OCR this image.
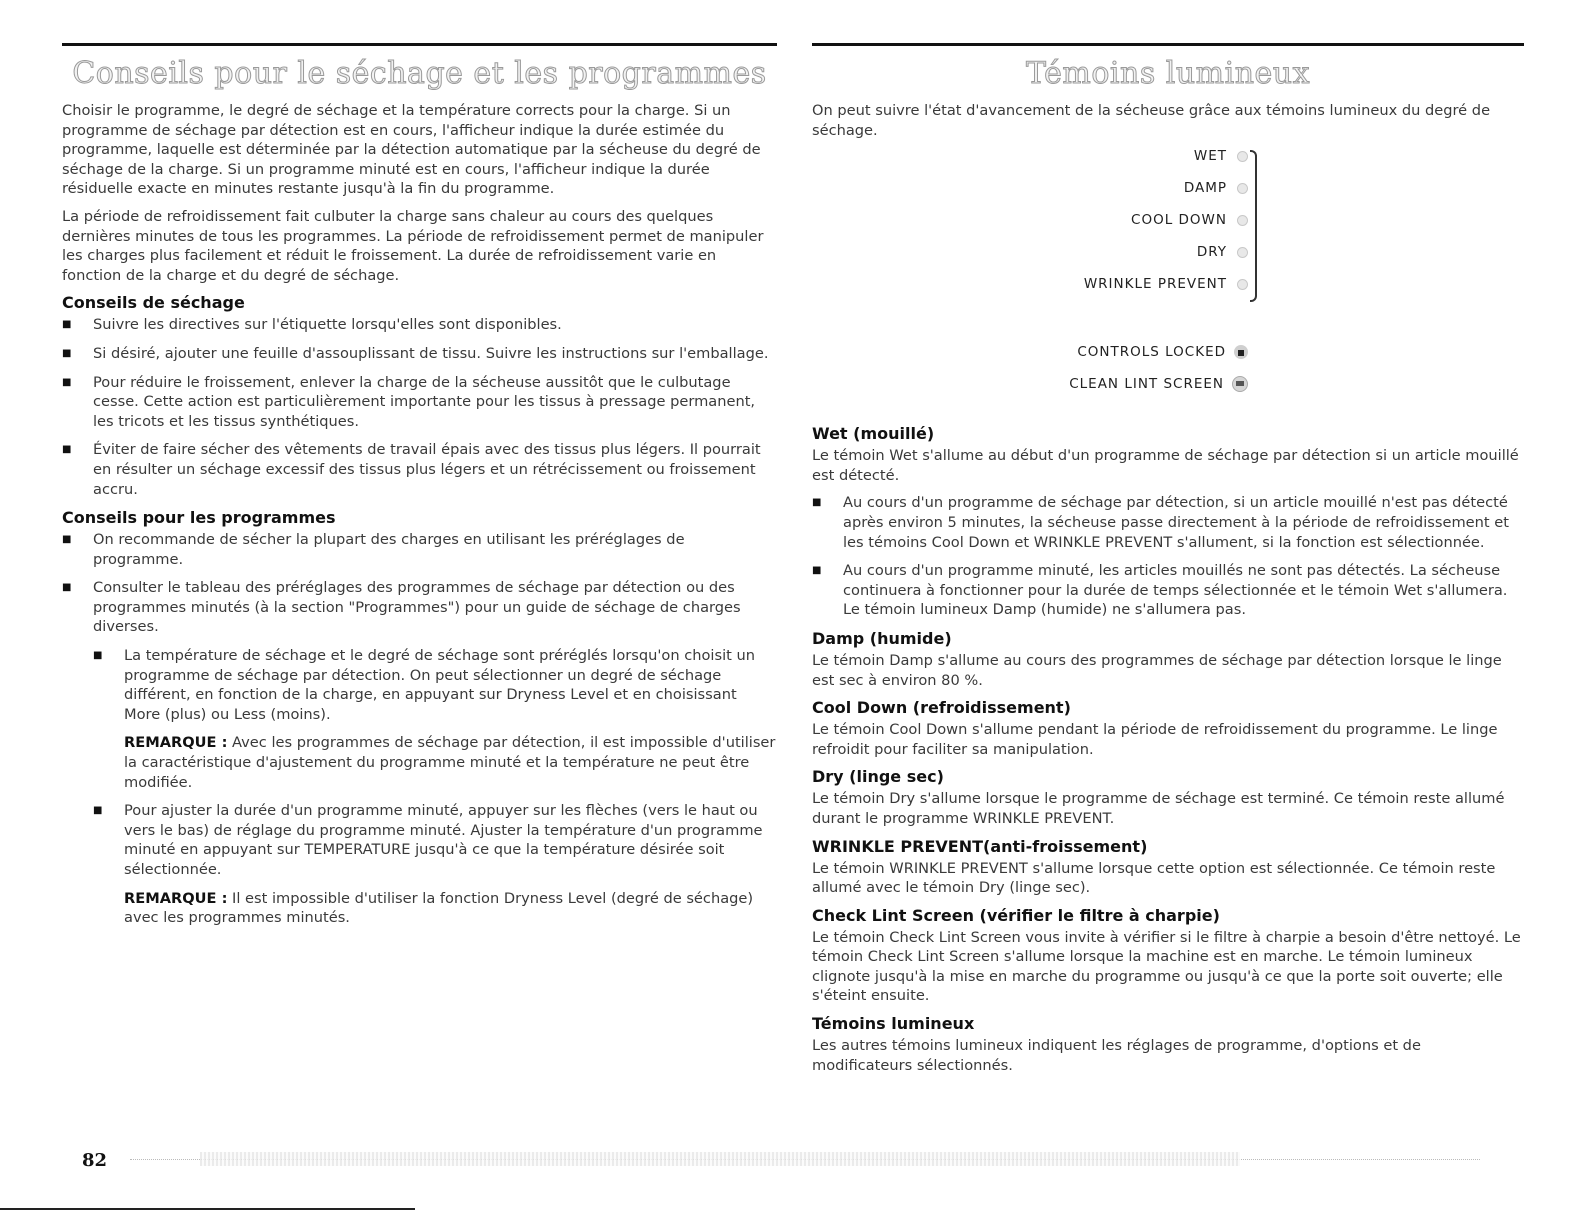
Conseils pour le séchage et les programmes

Choisir le programme, le degré de séchage et la température corrects pour la charge. Si un programme de séchage par détection est en cours, l'afficheur indique la durée estimée du programme, laquelle est déterminée par la détection automatique par la sécheuse du degré de séchage de la charge. Si un programme minuté est en cours, l'afficheur indique la durée résiduelle exacte en minutes restante jusqu'à la fin du programme.

La période de refroidissement fait culbuter la charge sans chaleur au cours des quelques dernières minutes de tous les programmes. La période de refroidissement permet de manipuler les charges plus facilement et réduit le froissement. La durée de refroidissement varie en fonction de la charge et du degré de séchage.

Conseils de séchage
■ Suivre les directives sur l'étiquette lorsqu'elles sont disponibles.
■ Si désiré, ajouter une feuille d'assouplissant de tissu. Suivre les instructions sur l'emballage.
■ Pour réduire le froissement, enlever la charge de la sécheuse aussitôt que le culbutage cesse. Cette action est particulièrement importante pour les tissus à pressage permanent, les tricots et les tissus synthétiques.
■ Éviter de faire sécher des vêtements de travail épais avec des tissus plus légers. Il pourrait en résulter un séchage excessif des tissus plus légers et un rétrécissement ou froissement accru.
Conseils pour les programmes
■ On recommande de sécher la plupart des charges en utilisant les préréglages de programme.
■ Consulter le tableau des préréglages des programmes de séchage par détection ou des programmes minutés (à la section "Programmes") pour un guide de séchage de charges diverses.
■ La température de séchage et le degré de séchage sont préréglés lorsqu'on choisit un programme de séchage par détection. On peut sélectionner un degré de séchage différent, en fonction de la charge, en appuyant sur Dryness Level et en choisissant More (plus) ou Less (moins).

REMARQUE : Avec les programmes de séchage par détection, il est impossible d'utiliser la caractéristique d'ajustement du programme minuté et la température ne peut être modifiée.

■ Pour ajuster la durée d'un programme minuté, appuyer sur les flèches (vers le haut ou vers le bas) de réglage du programme minuté. Ajuster la température d'un programme minuté en appuyant sur TEMPERATURE jusqu'à ce que la température désirée soit sélectionnée.

REMARQUE : Il est impossible d'utiliser la fonction Dryness Level (degré de séchage) avec les programmes minutés.

Témoins lumineux

On peut suivre l'état d'avancement de la sécheuse grâce aux témoins lumineux du degré de séchage.

WET
DAMP
COOL DOWN
DRY
WRINKLE PREVENT
CONTROLS LOCKED
CLEAN LINT SCREEN
Wet (mouillé)

Le témoin Wet s'allume au début d'un programme de séchage par détection si un article mouillé est détecté.

■ Au cours d'un programme de séchage par détection, si un article mouillé n'est pas détecté après environ 5 minutes, la sécheuse passe directement à la période de refroidissement et les témoins Cool Down et WRINKLE PREVENT s'allument, si la fonction est sélectionnée.
■ Au cours d'un programme minuté, les articles mouillés ne sont pas détectés. La sécheuse continuera à fonctionner pour la durée de temps sélectionnée et le témoin Wet s'allumera. Le témoin lumineux Damp (humide) ne s'allumera pas.
Damp (humide)

Le témoin Damp s'allume au cours des programmes de séchage par détection lorsque le linge est sec à environ 80 %.

Cool Down (refroidissement)

Le témoin Cool Down s'allume pendant la période de refroidissement du programme. Le linge refroidit pour faciliter sa manipulation.

Dry (linge sec)

Le témoin Dry s'allume lorsque le programme de séchage est terminé. Ce témoin reste allumé durant le programme WRINKLE PREVENT.

WRINKLE PREVENT(anti-froissement)

Le témoin WRINKLE PREVENT s'allume lorsque cette option est sélectionnée. Ce témoin reste allumé avec le témoin Dry (linge sec).

Check Lint Screen (vérifier le filtre à charpie)

Le témoin Check Lint Screen vous invite à vérifier si le filtre à charpie a besoin d'être nettoyé. Le témoin Check Lint Screen s'allume lorsque la machine est en marche. Le témoin lumineux clignote jusqu'à la mise en marche du programme ou jusqu'à ce que la porte soit ouverte; elle s'éteint ensuite.

Témoins lumineux

Les autres témoins lumineux indiquent les réglages de programme, d'options et de modificateurs sélectionnés.

82
